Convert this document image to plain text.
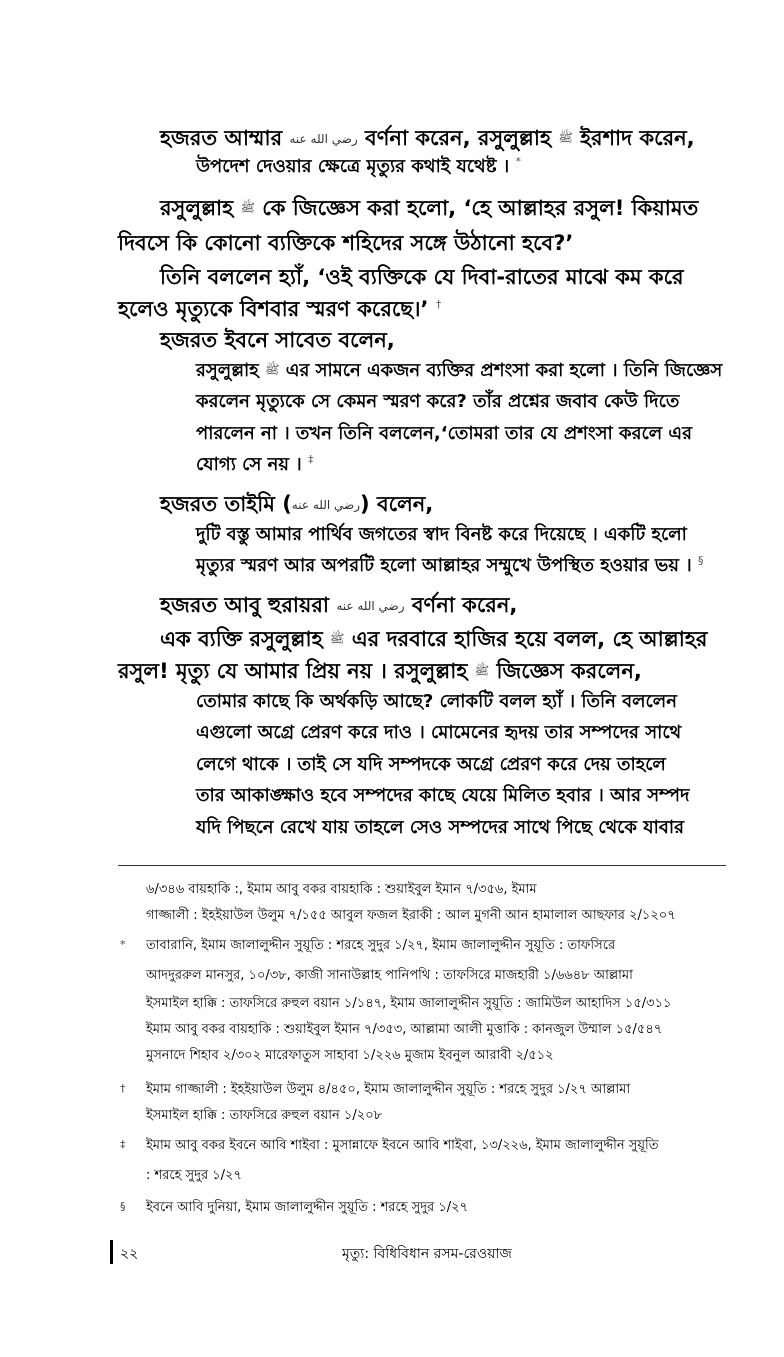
হজরত আম্মার رضي الله عنه বর্ণনা করেন, রসুলুল্লাহ ﷺ ইরশাদ করেন,
উপদেশ দেওয়ার ক্ষেত্রে মৃত্যুর কথাই যথেষ্ট । *
রসুলুল্লাহ ﷺ কে জিজ্ঞেস করা হলো, ‘হে আল্লাহর রসুল! কিয়ামত
দিবসে কি কোনো ব্যক্তিকে শহিদের সঙ্গে উঠানো হবে?’
তিনি বললেন হ্যাঁ, ‘ওই ব্যক্তিকে যে দিবা-রাতের মাঝে কম করে
হলেও মৃত্যুকে বিশবার স্মরণ করেছে।’ †
হজরত ইবনে সাবেত বলেন,
রসুলুল্লাহ ﷺ এর সামনে একজন ব্যক্তির প্রশংসা করা হলো । তিনি জিজ্ঞেস
করলেন মৃত্যুকে সে কেমন স্মরণ করে? তাঁর প্রশ্নের জবাব কেউ দিতে
পারলেন না । তখন তিনি বললেন,‘তোমরা তার যে প্রশংসা করলে এর
যোগ্য সে নয় । ‡
হজরত তাইমি (رضي الله عنه) বলেন,
দুটি বস্তু আমার পার্থিব জগতের স্বাদ বিনষ্ট করে দিয়েছে । একটি হলো
মৃত্যুর স্মরণ আর অপরটি হলো আল্লাহর সম্মুখে উপস্থিত হওয়ার ভয় । §
হজরত আবু হুরায়রা رضي الله عنه বর্ণনা করেন,
এক ব্যক্তি রসুলুল্লাহ ﷺ এর দরবারে হাজির হয়ে বলল, হে আল্লাহর
রসুল! মৃত্যু যে আমার প্রিয় নয় । রসুলুল্লাহ ﷺ জিজ্ঞেস করলেন,
তোমার কাছে কি অর্থকড়ি আছে? লোকটি বলল হ্যাঁ । তিনি বললেন
এগুলো অগ্রে প্রেরণ করে দাও । মোমেনের হৃদয় তার সম্পদের সাথে
লেগে থাকে । তাই সে যদি সম্পদকে অগ্রে প্রেরণ করে দেয় তাহলে
তার আকাঙ্ক্ষাও হবে সম্পদের কাছে যেয়ে মিলিত হবার । আর সম্পদ
যদি পিছনে রেখে যায় তাহলে সেও সম্পদের সাথে পিছে থেকে যাবার
৬/৩৪৬ বায়হাকি :, ইমাম আবু বকর বায়হাকি : শুয়াইবুল ইমান ৭/৩৫৬, ইমাম
গাজ্জালী : ইহইয়াউল উলুম ৭/১৫৫ আবুল ফজল ইরাকী : আল মুগনী আন হামালাল আছফার ২/১২০৭
* তাবারানি, ইমাম জালালুদ্দীন সুয়ূতি : শরহে সুদুর ১/২৭, ইমাম জালালুদ্দীন সুয়ূতি : তাফসিরে
আদদুররুল মানসুর, ১০/৩৮, কাজী সানাউল্লাহ পানিপথি : তাফসিরে মাজহারী ১/৬৬৪৮ আল্লামা
ইসমাইল হাক্কি : তাফসিরে রুহুল বয়ান ১/১৪৭, ইমাম জালালুদ্দীন সুয়ূতি : জামিউল আহাদিস ১৫/৩১১
ইমাম আবু বকর বায়হাকি : শুয়াইবুল ইমান ৭/৩৫৩, আল্লামা আলী মুত্তাকি : কানজুল উম্মাল ১৫/৫৪৭
মুসনাদে শিহাব ২/৩০২ মারেফাতুস সাহাবা ১/২২৬ মুজাম ইবনুল আরাবী ২/৫১২
† ইমাম গাজ্জালী : ইহইয়াউল উলুম ৪/৪৫০, ইমাম জালালুদ্দীন সুয়ূতি : শরহে সুদুর ১/২৭ আল্লামা
ইসমাইল হাক্কি : তাফসিরে রুহুল বয়ান ১/২০৮
‡ ইমাম আবু বকর ইবনে আবি শাইবা : মুসান্নাফে ইবনে আবি শাইবা, ১৩/২২৬, ইমাম জালালুদ্দীন সুয়ূতি
: শরহে সুদুর ১/২৭
§ ইবনে আবি দুনিয়া, ইমাম জালালুদ্দীন সুয়ূতি : শরহে সুদুর ১/২৭
২২	মৃত্যু: বিধিবিধান রসম-রেওয়াজ
